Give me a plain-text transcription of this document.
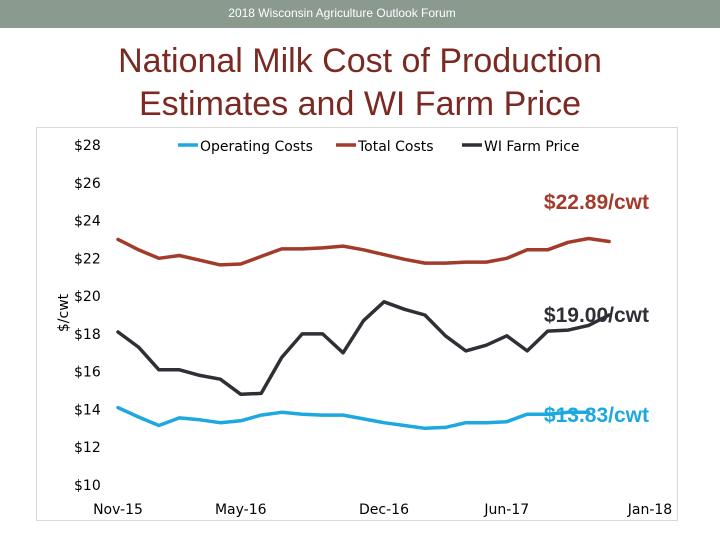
2018 Wisconsin Agriculture Outlook Forum
National Milk Cost of Production
Estimates and WI Farm Price
$10
$12
$14
$16
$18
$20
$22
$24
$26
$28
$/cwt
Nov-15	May-16	Dec-16	Jun-17	Jan-18
Operating Costs	Total Costs	WI Farm Price
$22.89/cwt
$19.00/cwt
$13.83/cwt
